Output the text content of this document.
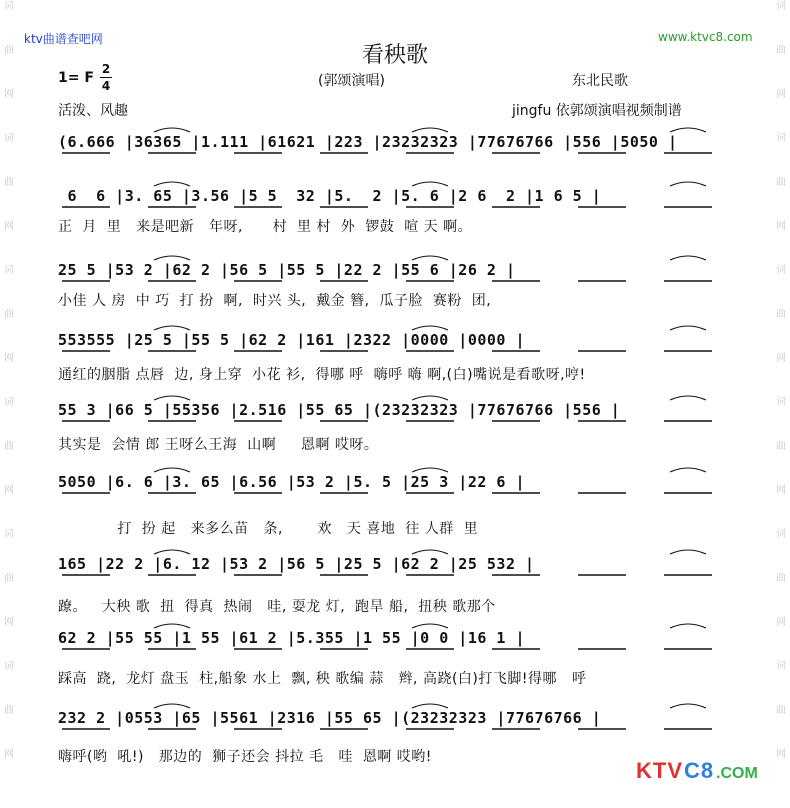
词
曲
网
词
曲
网
词
曲
网
词
曲
网
词
曲
网
词
曲
网
词
曲
网
词
曲
网
词
曲
网
词
曲
网
词
曲
网
词
曲
网
ktv曲谱查吧网	www.ktvc8.com
看秧歌
1= F
2
4	(郭颂演唱)	东北民歌
活泼、风趣	jingfu 依郭颂演唱视频制谱
(6.666 |36365 |1.111 |61621 |223 |23232323 |77676766 |556 |5050 |
6  6 |3. 65 |3.56 |5 5  32 |5.  2 |5. 6 |2 6  2 |1 6 5 |
正  月  里   来是吧新   年呀,      村  里 村  外  锣鼓  喧 天 啊。
25 5 |53 2 |62 2 |56 5 |55 5 |22 2 |55 6 |26 2 |
小佳 人 房  中 巧  打 扮  啊,  时兴 头,  戴金 簪,  瓜子脸  赛粉  团,
553555 |25 5 |55 5 |62 2 |161 |2322 |0000 |0000 |
通红的胭脂 点唇  边, 身上穿  小花 衫,  得哪 呼  嗨呼 嗨 啊,(白)嘴说是看歌呀,哼!
55 3 |66 5 |55356 |2.516 |55 65 |(23232323 |77676766 |556 |
其实是  会情 郎 王呀么王海  山啊     恩啊 哎呀。
5050 |6. 6 |3. 65 |6.56 |53 2 |5. 5 |25 3 |22 6 |
打  扮 起   来多么苗   条,       欢   天 喜地  往 人群  里
165 |22 2 |6. 12 |53 2 |56 5 |25 5 |62 2 |25 532 |
蹽。   大秧 歌  扭  得真  热闹   哇, 耍龙 灯,  跑旱 船,  扭秧 歌那个
62 2 |55 55 |1 55 |61 2 |5.355 |1 55 |0 0 |16 1 |
踩高  跷,  龙灯 盘玉  柱,船象 水上  飘, 秧 歌编 蒜   辫, 高跷(白)打飞脚!得哪   呼
232 2 |0553 |65 |5561 |2316 |55 65 |(23232323 |77676766 |
嗨呼(哟  吼!)   那边的  狮子还会 抖拉 毛   哇  恩啊 哎哟!
KTV C8 .COM
